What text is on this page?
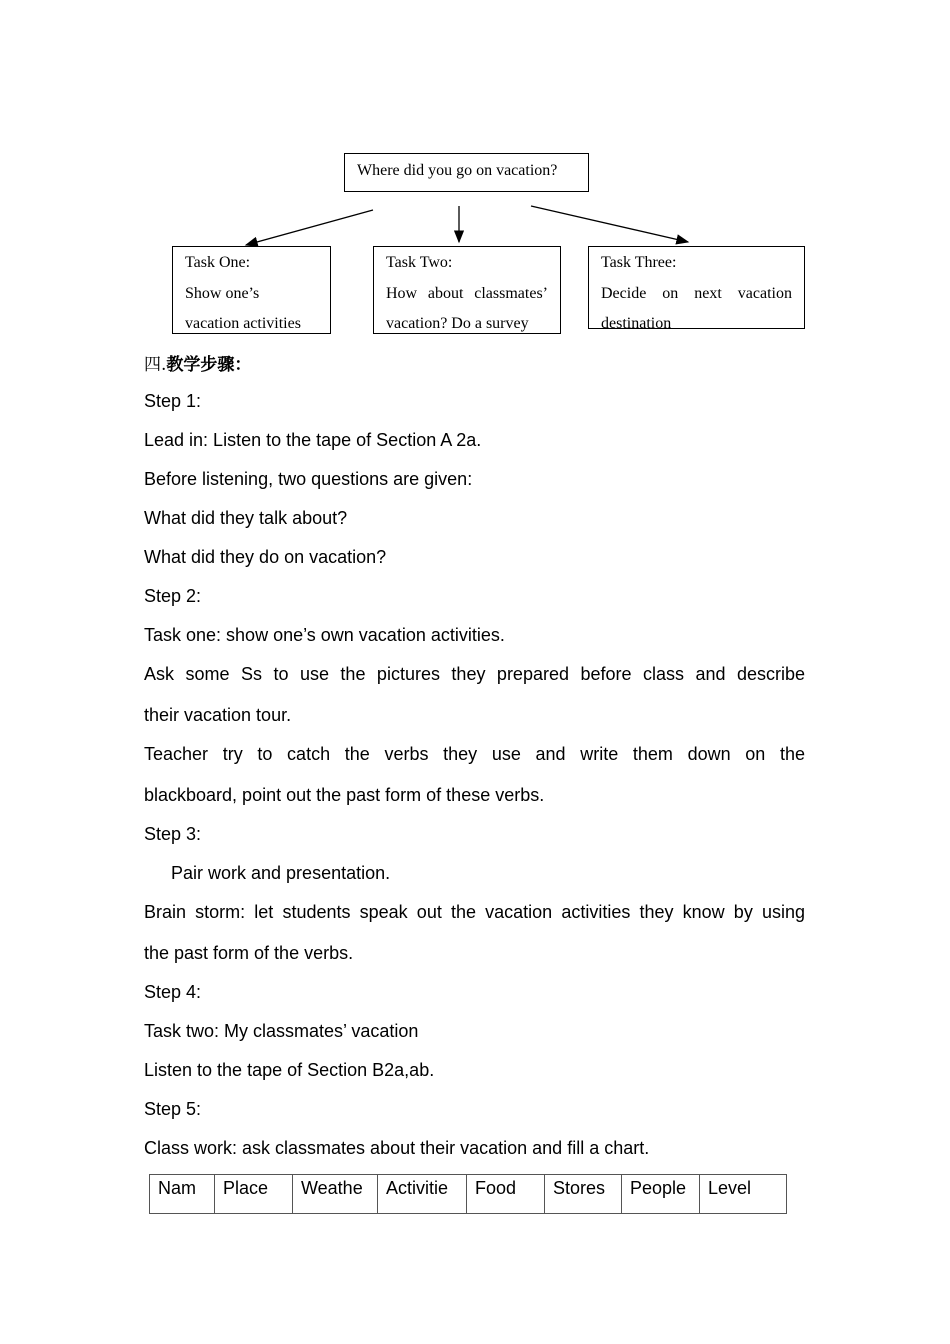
Where did you go on vacation?
Task One:
Show one’s
vacation activities
Task Two:
How about classmates’
vacation? Do a survey
Task Three:
Decide on next vacation
destination
四.教学步骤：
Step 1:
Lead in: Listen to the tape of Section A 2a.
Before listening, two questions are given:
What did they talk about?
What did they do on vacation?
Step 2:
Task one: show one’s own vacation activities.
Ask some Ss to use the pictures they prepared before class and describe
their vacation tour.
Teacher try to catch the verbs they use and write them down on the
blackboard, point out the past form of these verbs.
Step 3:
Pair work and presentation.
Brain storm: let students speak out the vacation activities they know by using
the past form of the verbs.
Step 4:
Task two: My classmates’ vacation
Listen to the tape of Section B2a,ab.
Step 5:
Class work: ask classmates about their vacation and fill a chart.
Nam	Place	Weathe	Activitie	Food	Stores	People	Level
